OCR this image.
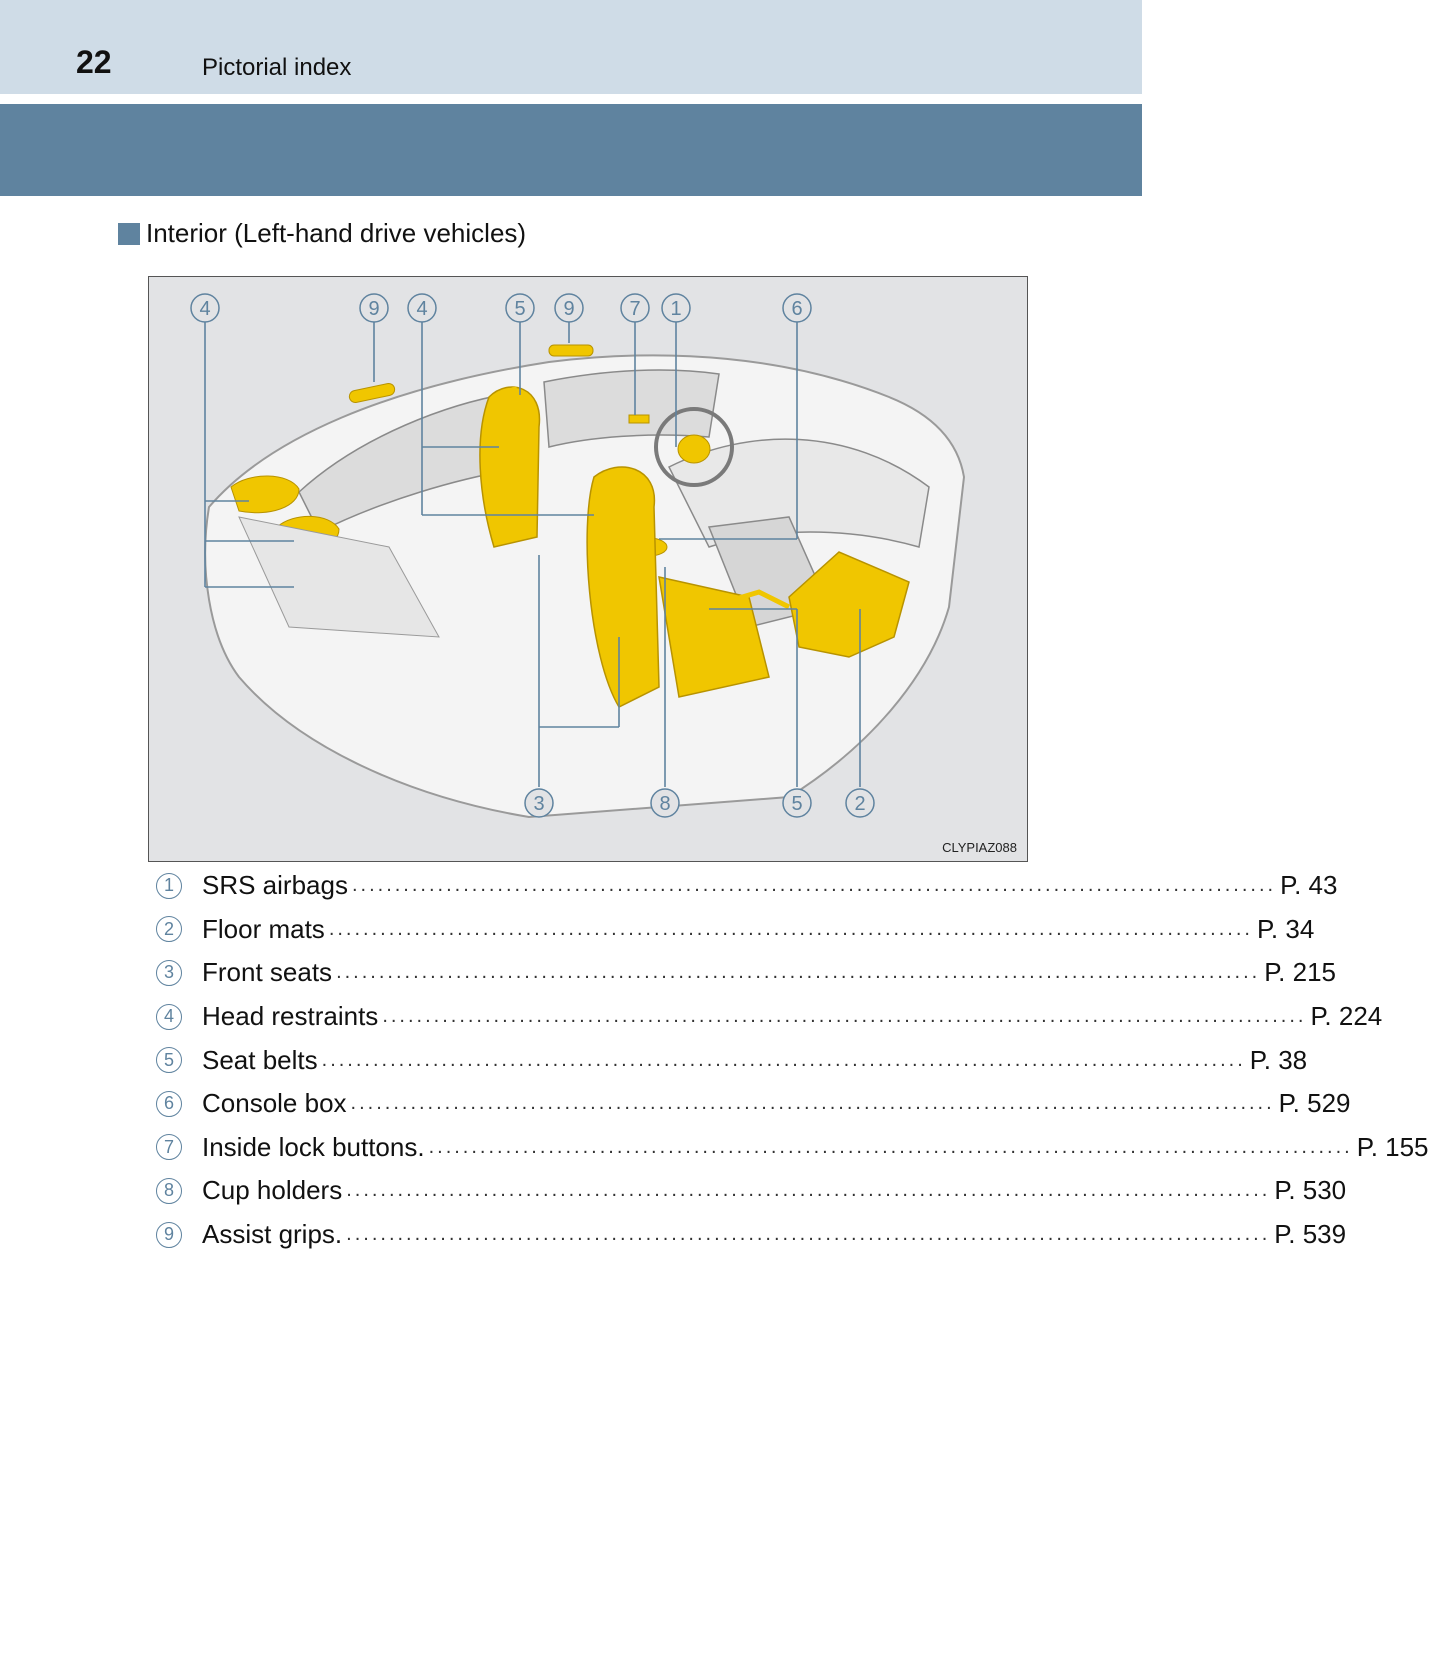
22	Pictorial index
Interior (Left-hand drive vehicles)
4	9 4	5 9	7 1	6
3	8	5	2
CLYPIAZ088
1	SRS airbags ............................................................................................................ P. 43
2	Floor mats ............................................................................................................ P. 34
3	Front seats ............................................................................................................ P. 215
4	Head restraints ............................................................................................................ P. 224
5	Seat belts ............................................................................................................ P. 38
6	Console box ............................................................................................................ P. 529
7	Inside lock buttons. ............................................................................................................ P. 155
8	Cup holders ............................................................................................................ P. 530
9	Assist grips. ............................................................................................................ P. 539
